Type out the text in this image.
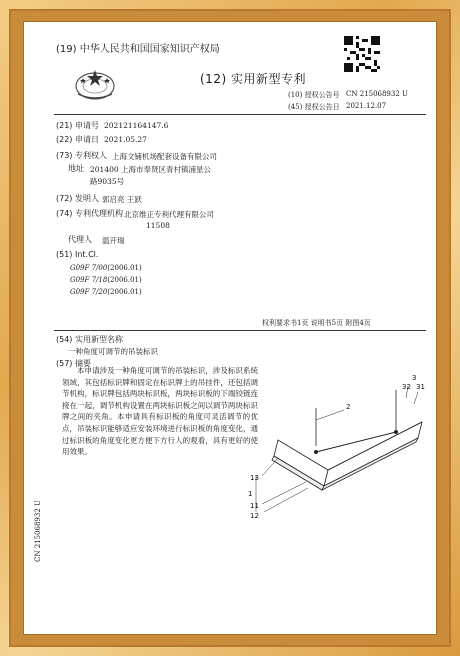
(19) 中华人民共和国国家知识产权局
(12) 实用新型专利
(10) 授权公告号 CN 215068932 U
(45) 授权公告日 2021.12.07
(21) 申请号 202121164147.6
(22) 申请日 2021.05.27
(73) 专利权人 上海文铺机场配套设备有限公司
地址 201400 上海市奉贤区青村镇浦星公
路9035号
(72) 发明人 郭启亮 王跃
(74) 专利代理机构 北京维正专利代理有限公司
11508
代理人 温开瑞
(51) Int.Cl.
G09F 7/00(2006.01)
G09F 7/18(2006.01)
G09F 7/20(2006.01)
权利要求书1页 说明书5页 附图4页
(54) 实用新型名称
一种角度可调节的吊装标识
(57) 摘要
本申请涉及一种角度可调节的吊装标识，涉及标识系统领域，其包括标识牌和固定在标识牌上的吊挂件，还包括调节机构，标识牌包括两块标识板，两块标识板的下端铰链连接在一起，调节机构设置在两块标识板之间以调节两块标识牌之间的夹角。本申请具有标识板的角度可灵活调节的优点，吊装标识能够适应安装环境进行标识板的角度变化，通过标识板的角度变化更方便下方行人的观看，具有更好的使用效果。
3
32 31
2
13
1
11
12
CN 215068932 U
